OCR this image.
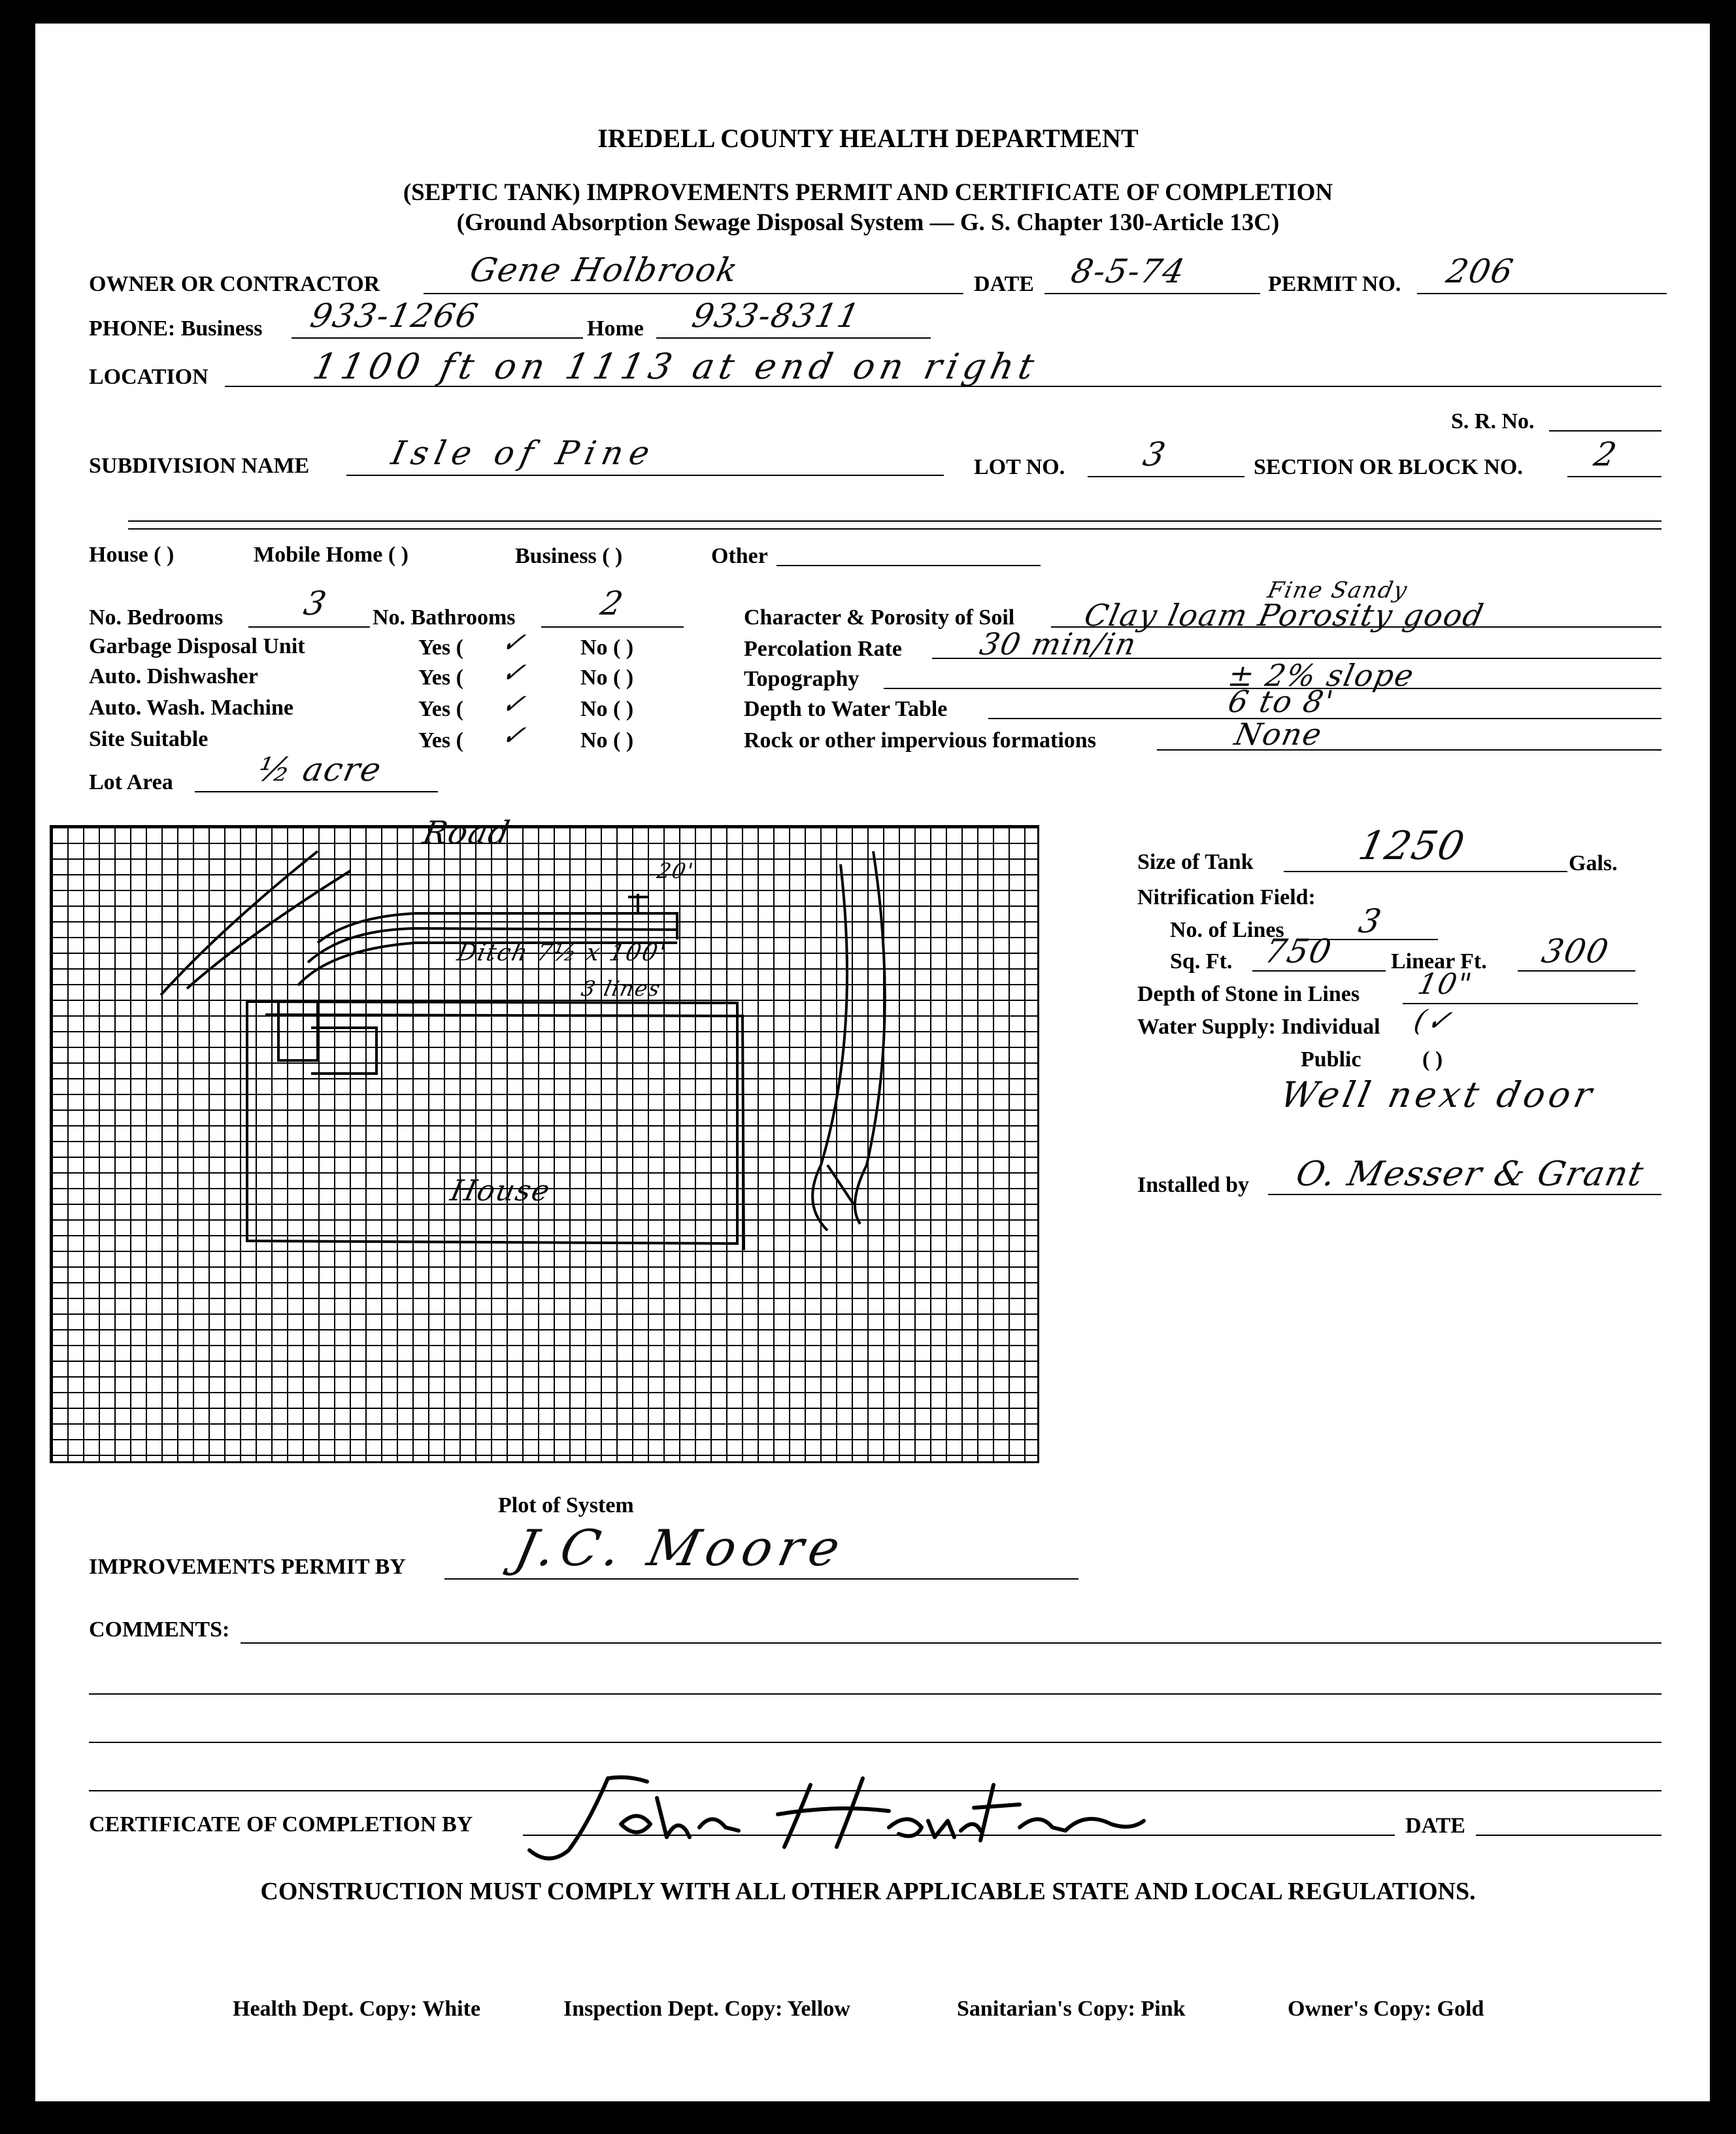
IREDELL COUNTY HEALTH DEPARTMENT
(SEPTIC TANK) IMPROVEMENTS PERMIT AND CERTIFICATE OF COMPLETION
(Ground Absorption Sewage Disposal System — G. S. Chapter 130-Article 13C)
OWNER OR CONTRACTOR	Gene Holbrook	DATE 8-5-74	PERMIT NO. 206
PHONE: Business 933-1266	Home 933-8311
LOCATION	1100 ft on 1113 at end on right
S. R. No.
SUBDIVISION NAME Isle of Pine	LOT NO. 3	SECTION OR BLOCK NO. 2
House ( )	Mobile Home ( )	Business ( )	Other
No. Bedrooms 3 No. Bathrooms	2
Garbage Disposal Unit	Yes ( ✓ No ( )
Auto. Dishwasher	Yes ( ✓ No ( )
Auto. Wash. Machine	Yes ( ✓ No ( )
Site Suitable	Yes ( ✓ No ( )
Lot Area	½ acre
Character & Porosity of Soil
Fine Sandy
Clay loam Porosity good
Percolation Rate 30 min/in
Topography	± 2% slope
Depth to Water Table	6 to 8'
Rock or other impervious formations	None
Road
20'
Ditch 7½ x 100'
3 lines
House
Plot of System
Size of Tank	1250	Gals.
Nitrification Field:
No. of Lines 3
Sq. Ft. 750 Linear Ft. 300
Depth of Stone in Lines 10"
Water Supply: Individual (✓
Public	( )
Well next door
Installed by O. Messer & Grant
IMPROVEMENTS PERMIT BY J.C. Moore
COMMENTS:
CERTIFICATE OF COMPLETION BY	DATE
CONSTRUCTION MUST COMPLY WITH ALL OTHER APPLICABLE STATE AND LOCAL REGULATIONS.
Health Dept. Copy: White	Inspection Dept. Copy: Yellow	Sanitarian's Copy: Pink	Owner's Copy: Gold
